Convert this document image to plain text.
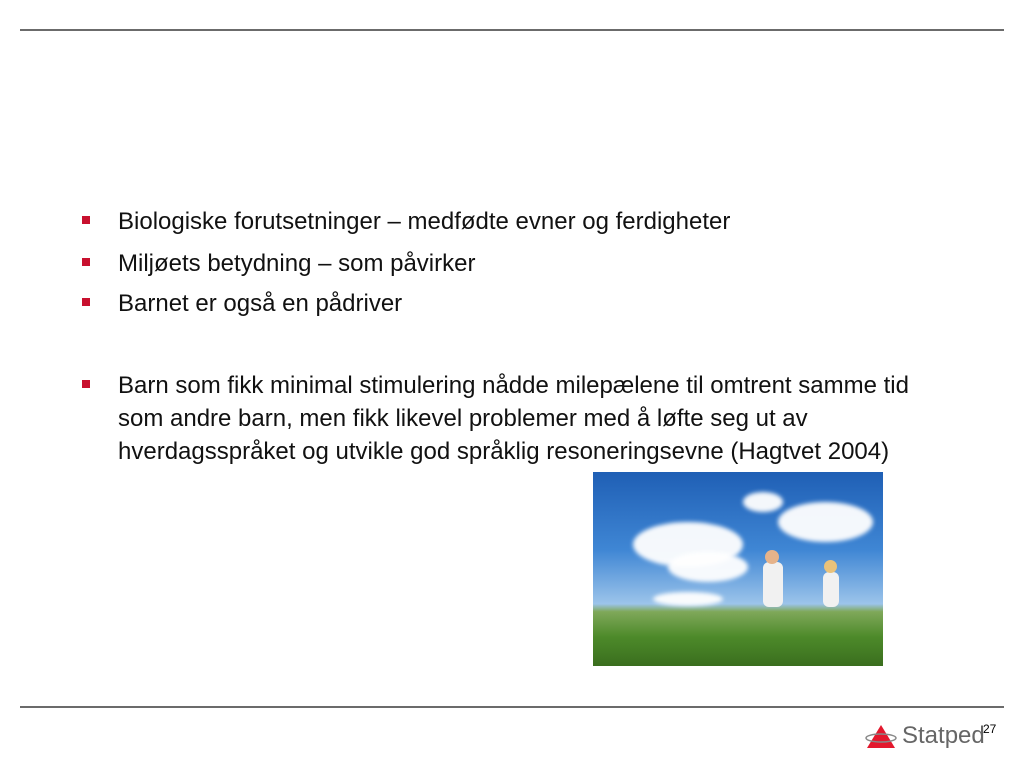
Biologiske forutsetninger – medfødte evner og ferdigheter
Miljøets betydning – som påvirker
Barnet er også en pådriver
Barn som fikk minimal stimulering nådde milepælene til omtrent samme tid som andre barn, men fikk likevel problemer med å løfte seg ut av hverdagsspråket og utvikle god språklig resoneringsevne (Hagtvet 2004)
Statped
27
